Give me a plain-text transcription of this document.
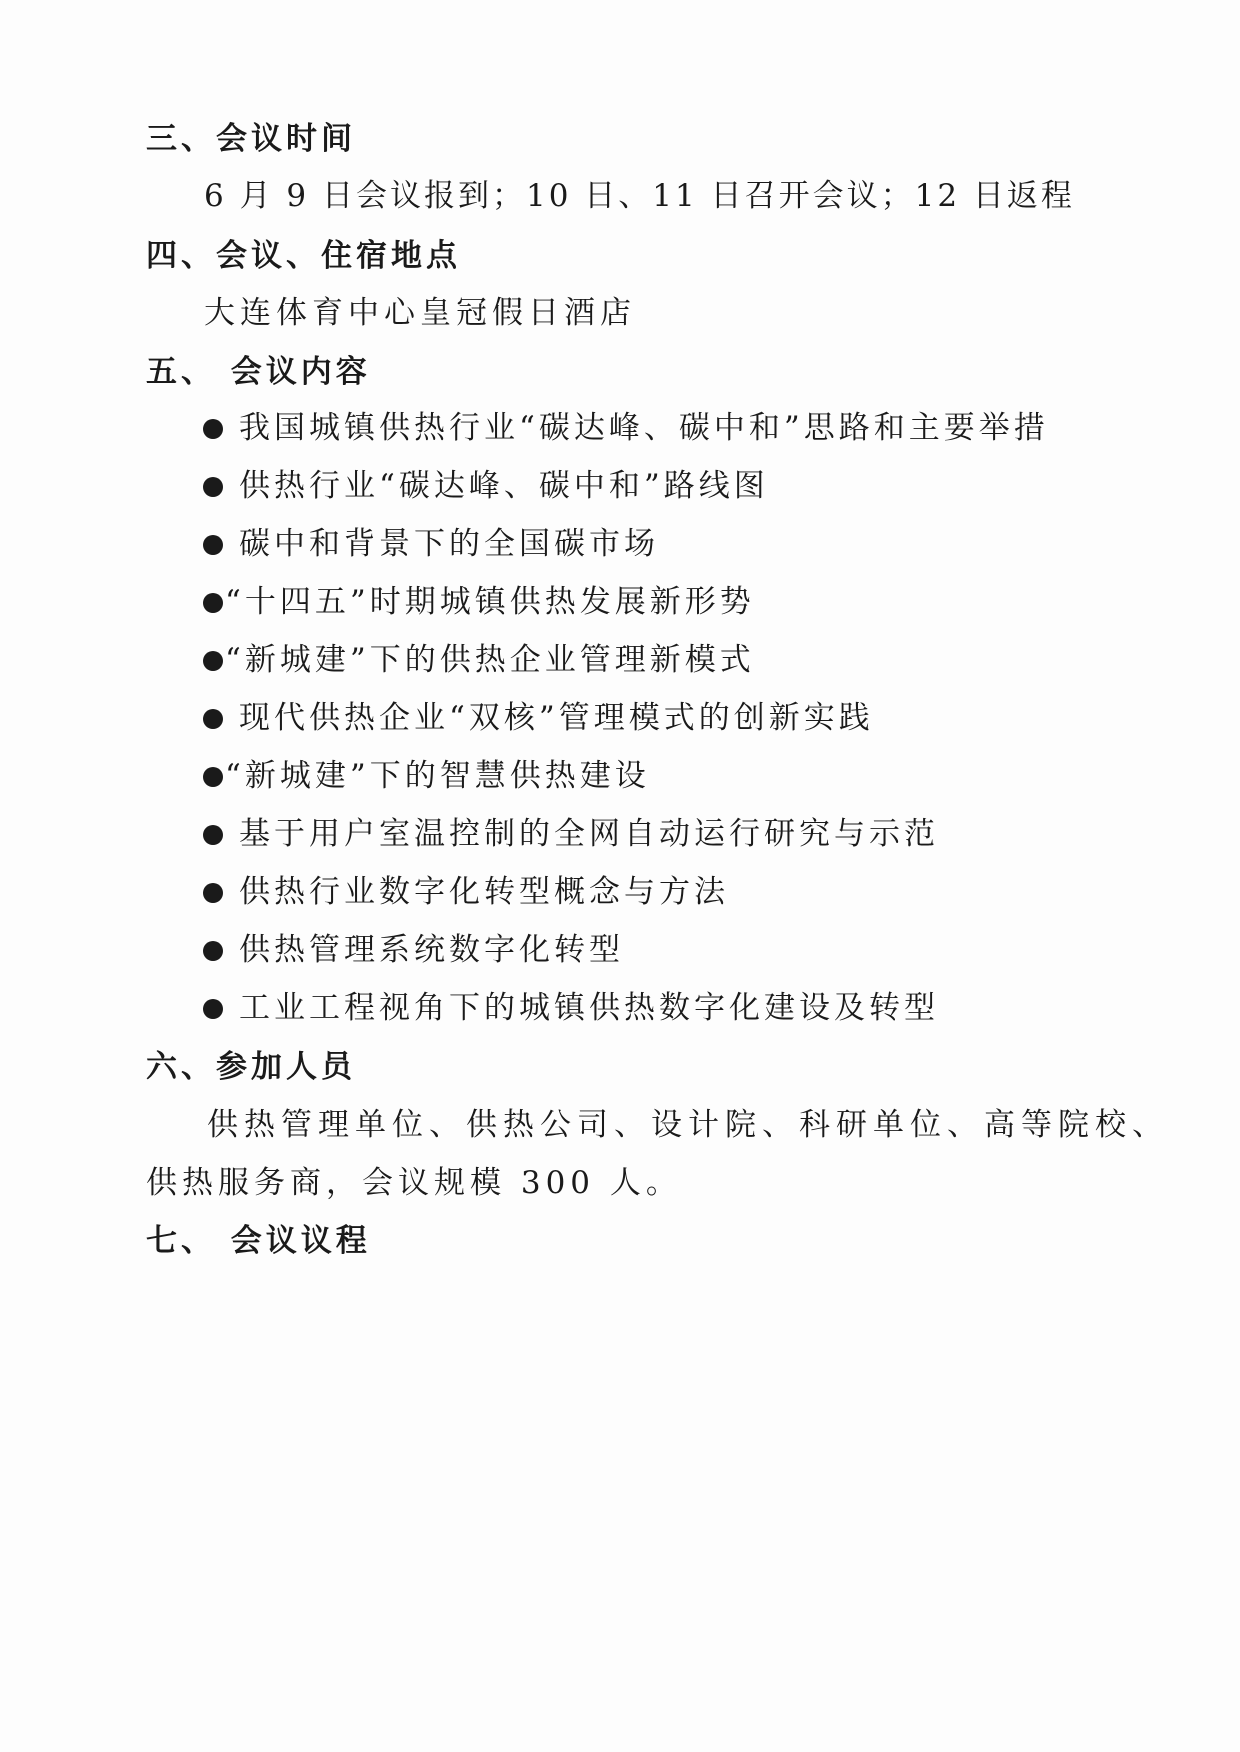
三、会议时间
6 月 9 日会议报到；10 日、11 日召开会议；12 日返程
四、会议、住宿地点
大连体育中心皇冠假日酒店
五、 会议内容
我国城镇供热行业“碳达峰、碳中和”思路和主要举措
供热行业“碳达峰、碳中和”路线图
碳中和背景下的全国碳市场
“十四五”时期城镇供热发展新形势
“新城建”下的供热企业管理新模式
现代供热企业“双核”管理模式的创新实践
“新城建”下的智慧供热建设
基于用户室温控制的全网自动运行研究与示范
供热行业数字化转型概念与方法
供热管理系统数字化转型
工业工程视角下的城镇供热数字化建设及转型
六、参加人员
供热管理单位、供热公司、设计院、科研单位、高等院校、
供热服务商，会议规模 300 人。
七、 会议议程
